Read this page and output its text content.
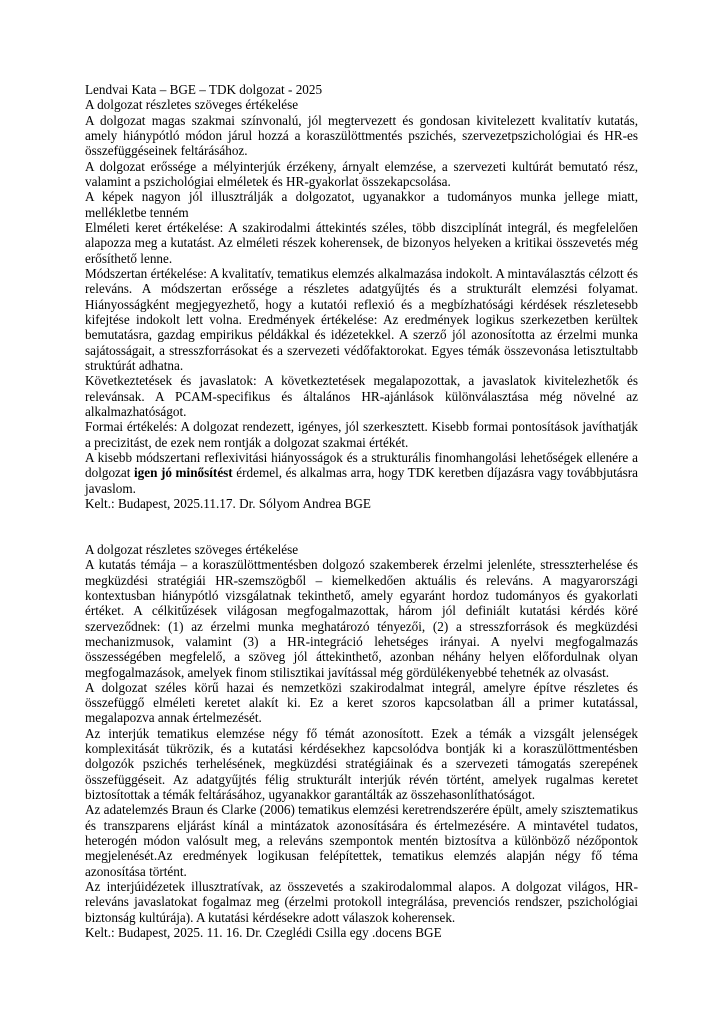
Lendvai Kata – BGE – TDK dolgozat - 2025

A dolgozat részletes szöveges értékelése

A dolgozat magas szakmai színvonalú, jól megtervezett és gondosan kivitelezett kvalitatív kutatás, amely hiánypótló módon járul hozzá a koraszülöttmentés pszichés, szervezetpszichológiai és HR-es összefüggéseinek feltárásához.

A dolgozat erőssége a mélyinterjúk érzékeny, árnyalt elemzése, a szervezeti kultúrát bemutató rész, valamint a pszichológiai elméletek és HR-gyakorlat összekapcsolása.

A képek nagyon jól illusztrálják a dolgozatot, ugyanakkor a tudományos munka jellege miatt, mellékletbe tenném

Elméleti keret értékelése: A szakirodalmi áttekintés széles, több diszciplínát integrál, és megfelelően alapozza meg a kutatást. Az elméleti részek koherensek, de bizonyos helyeken a kritikai összevetés még erősíthető lenne.

Módszertan értékelése: A kvalitatív, tematikus elemzés alkalmazása indokolt. A mintaválasztás célzott és releváns. A módszertan erőssége a részletes adatgyűjtés és a strukturált elemzési folyamat. Hiányosságként megjegyezhető, hogy a kutatói reflexió és a megbízhatósági kérdések részletesebb kifejtése indokolt lett volna. Eredmények értékelése: Az eredmények logikus szerkezetben kerültek bemutatásra, gazdag empirikus példákkal és idézetekkel. A szerző jól azonosította az érzelmi munka sajátosságait, a stresszforrásokat és a szervezeti védőfaktorokat. Egyes témák összevonása letisztultabb struktúrát adhatna.

Következtetések és javaslatok: A következtetések megalapozottak, a javaslatok kivitelezhetők és relevánsak. A PCAM-specifikus és általános HR-ajánlások különválasztása még növelné az alkalmazhatóságot.

Formai értékelés: A dolgozat rendezett, igényes, jól szerkesztett. Kisebb formai pontosítások javíthatják a precizitást, de ezek nem rontják a dolgozat szakmai értékét.

A kisebb módszertani reflexivitási hiányosságok és a strukturális finomhangolási lehetőségek ellenére a dolgozat igen jó minősítést érdemel, és alkalmas arra, hogy TDK keretben díjazásra vagy továbbjutásra javaslom.

Kelt.: Budapest, 2025.11.17. Dr. Sólyom Andrea BGE

A dolgozat részletes szöveges értékelése

A kutatás témája – a koraszülöttmentésben dolgozó szakemberek érzelmi jelenléte, stresszterhelése és megküzdési stratégiái HR-szemszögből – kiemelkedően aktuális és releváns. A magyarországi kontextusban hiánypótló vizsgálatnak tekinthető, amely egyaránt hordoz tudományos és gyakorlati értéket. A célkitűzések világosan megfogalmazottak, három jól definiált kutatási kérdés köré szerveződnek: (1) az érzelmi munka meghatározó tényezői, (2) a stresszforrások és megküzdési mechanizmusok, valamint (3) a HR-integráció lehetséges irányai. A nyelvi megfogalmazás összességében megfelelő, a szöveg jól áttekinthető, azonban néhány helyen előfordulnak olyan megfogalmazások, amelyek finom stilisztikai javítással még gördülékenyebbé tehetnék az olvasást.

A dolgozat széles körű hazai és nemzetközi szakirodalmat integrál, amelyre építve részletes és összefüggő elméleti keretet alakít ki. Ez a keret szoros kapcsolatban áll a primer kutatással, megalapozva annak értelmezését.

Az interjúk tematikus elemzése négy fő témát azonosított. Ezek a témák a vizsgált jelenségek komplexitását tükrözik, és a kutatási kérdésekhez kapcsolódva bontják ki a koraszülöttmentésben dolgozók pszichés terhelésének, megküzdési stratégiáinak és a szervezeti támogatás szerepének összefüggéseit. Az adatgyűjtés félig strukturált interjúk révén történt, amelyek rugalmas keretet biztosítottak a témák feltárásához, ugyanakkor garantálták az összehasonlíthatóságot.

Az adatelemzés Braun és Clarke (2006) tematikus elemzési keretrendszerére épült, amely szisztematikus és transzparens eljárást kínál a mintázatok azonosítására és értelmezésére. A mintavétel tudatos, heterogén módon valósult meg, a releváns szempontok mentén biztosítva a különböző nézőpontok megjelenését.Az eredmények logikusan felépítettek, tematikus elemzés alapján négy fő téma azonosítása történt.

Az interjúidézetek illusztratívak, az összevetés a szakirodalommal alapos. A dolgozat világos, HR-releváns javaslatokat fogalmaz meg (érzelmi protokoll integrálása, prevenciós rendszer, pszichológiai biztonság kultúrája). A kutatási kérdésekre adott válaszok koherensek.

Kelt.: Budapest, 2025. 11. 16. Dr. Czeglédi Csilla egy .docens BGE
